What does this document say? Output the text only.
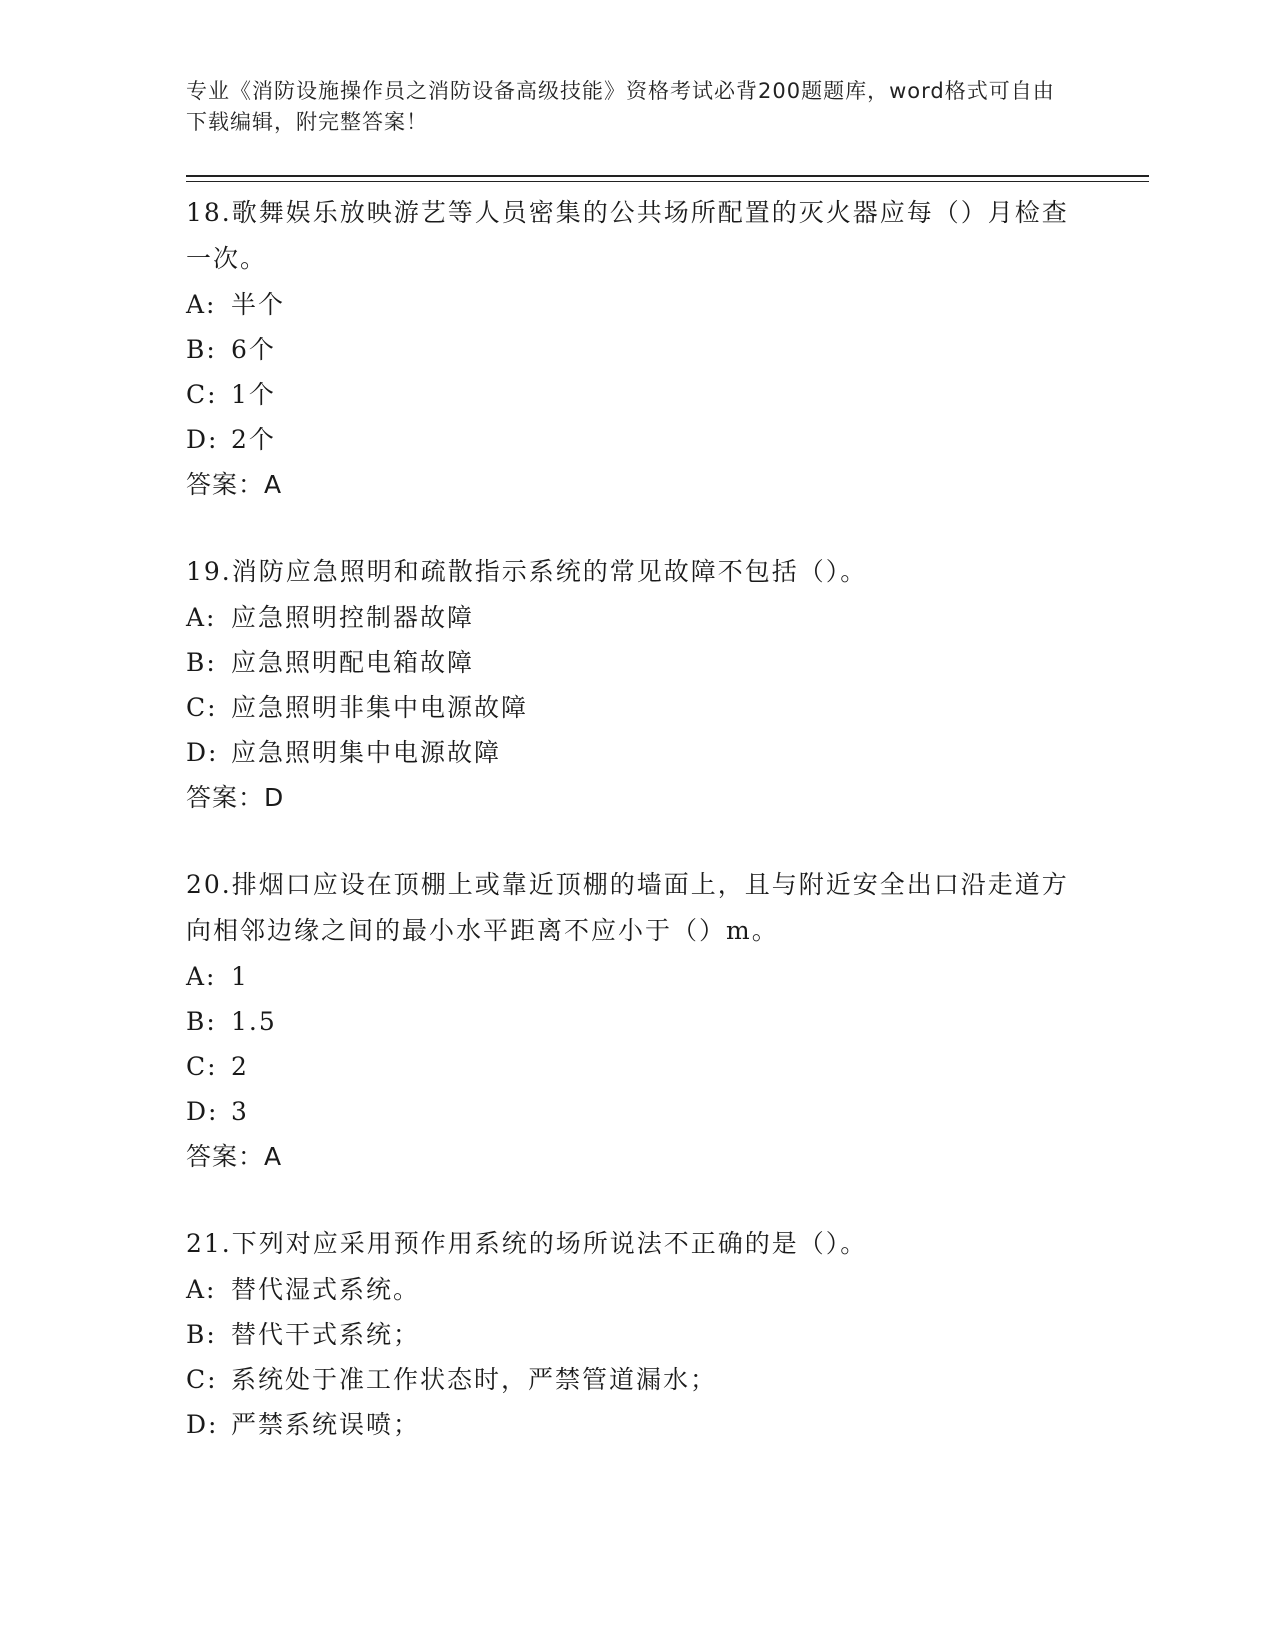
专业《消防设施操作员之消防设备高级技能》资格考试必背200题题库，word格式可自由下载编辑，附完整答案！

18.歌舞娱乐放映游艺等人员密集的公共场所配置的灭火器应每（）月检查一次。

A: 半个

B: 6个

C: 1个

D: 2个

答案：A

19.消防应急照明和疏散指示系统的常见故障不包括（）。

A: 应急照明控制器故障

B: 应急照明配电箱故障

C: 应急照明非集中电源故障

D: 应急照明集中电源故障

答案：D

20.排烟口应设在顶棚上或靠近顶棚的墙面上，且与附近安全出口沿走道方向相邻边缘之间的最小水平距离不应小于（）m。

A: 1

B: 1.5

C: 2

D: 3

答案：A

21.下列对应采用预作用系统的场所说法不正确的是（）。

A: 替代湿式系统。

B: 替代干式系统；

C: 系统处于准工作状态时，严禁管道漏水；

D: 严禁系统误喷；
